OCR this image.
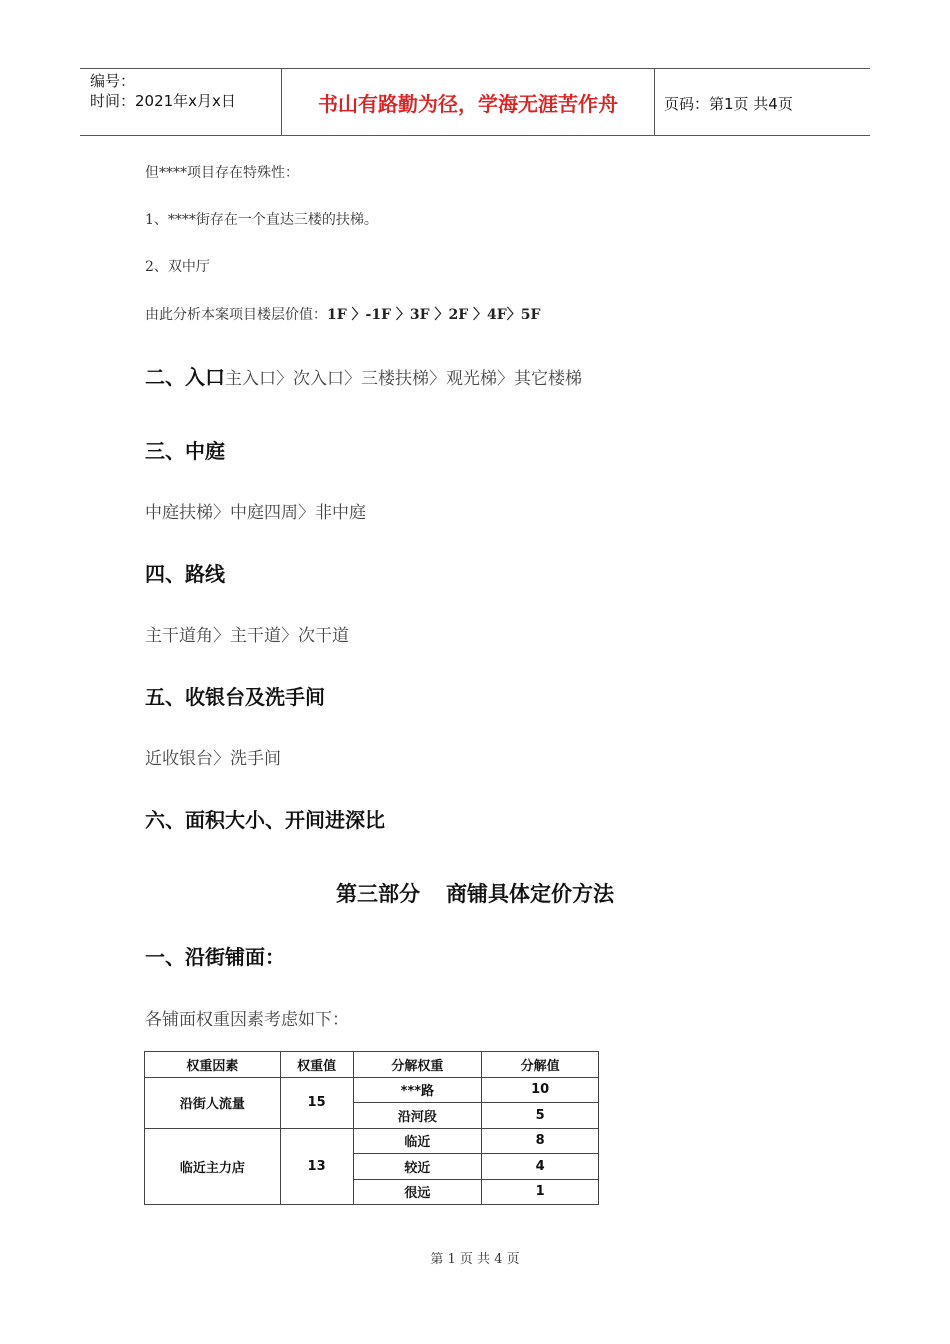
编号：
时间：2021年x月x日	书山有路勤为径，学海无涯苦作舟	页码：第1页 共4页
但****项目存在特殊性：
1、****街存在一个直达三楼的扶梯。
2、双中厅
由此分析本案项目楼层价值：1F 〉-1F 〉3F 〉2F 〉4F〉5F
二、入口主入口〉次入口〉三楼扶梯〉观光梯〉其它楼梯
三、中庭
中庭扶梯〉中庭四周〉非中庭
四、路线
主干道角〉主干道〉次干道
五、收银台及洗手间
近收银台〉洗手间
六、面积大小、开间进深比
第三部分 商铺具体定价方法
一、沿街铺面：
各铺面权重因素考虑如下：
权重因素	权重值	分解权重	分解值
沿街人流量	15	***路	10
		沿河段	5
临近主力店	13	临近	8
		较近	4
		很远	1
第 1 页 共 4 页
